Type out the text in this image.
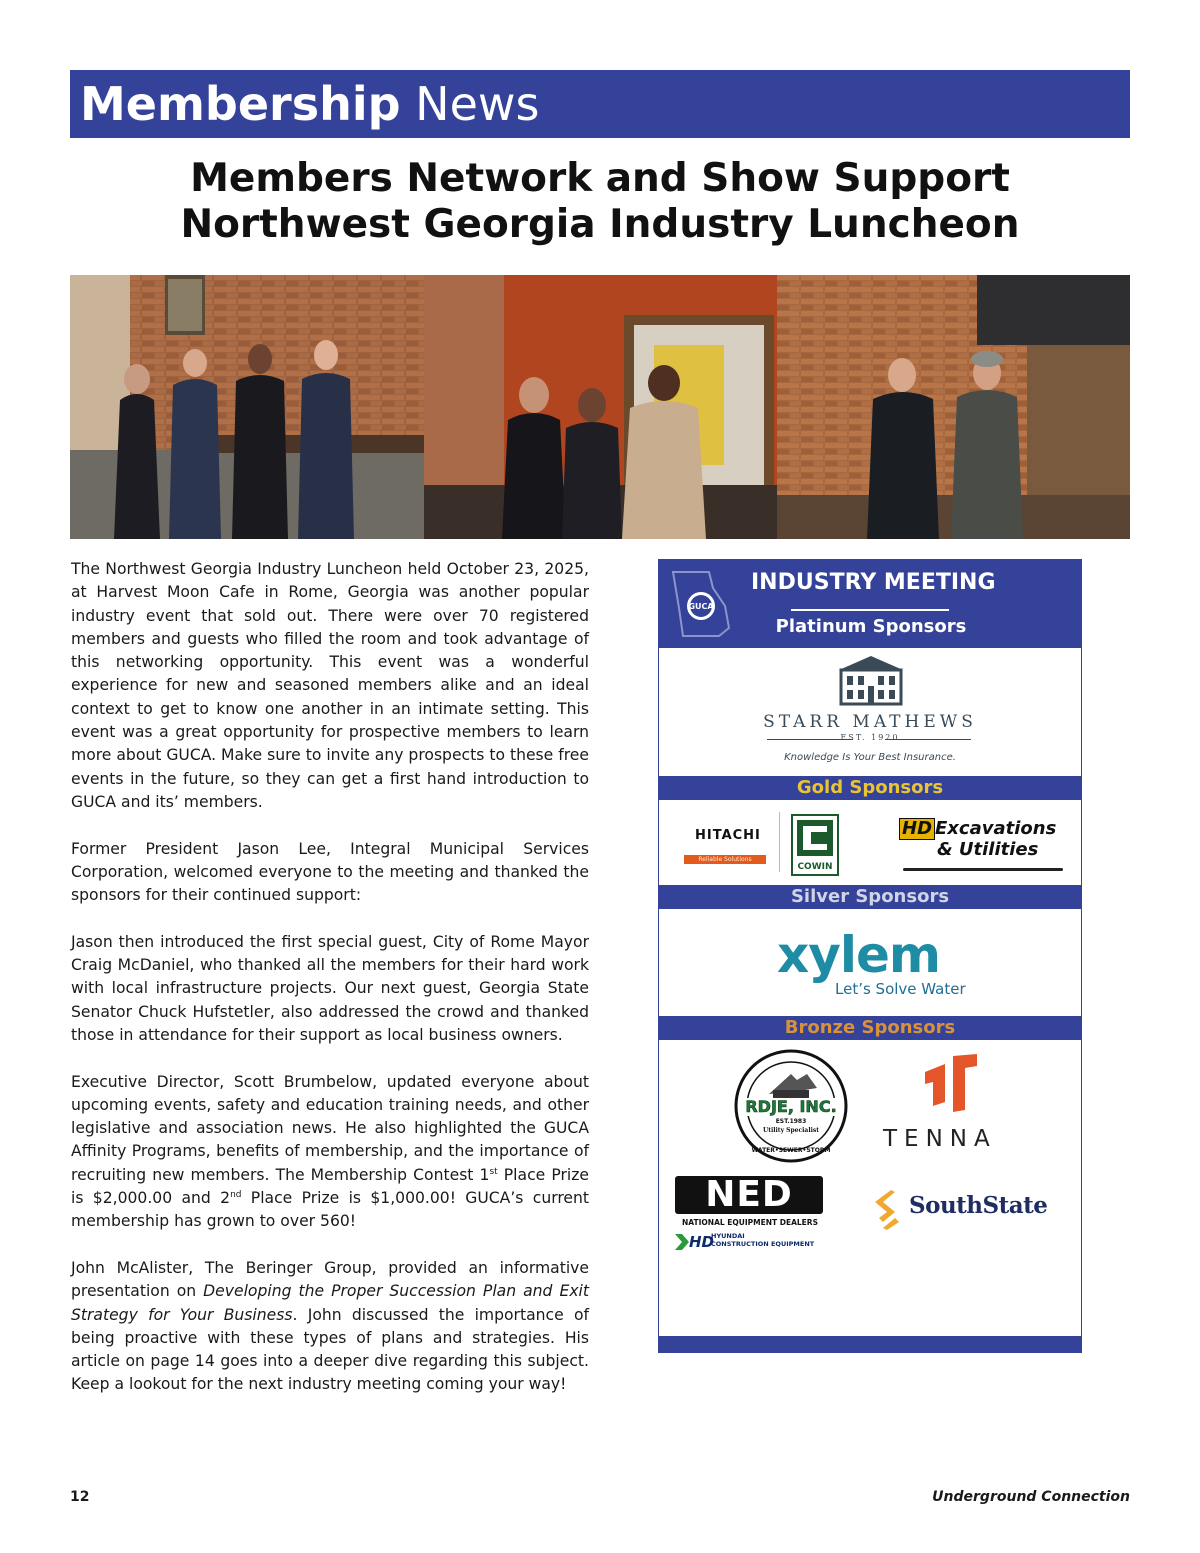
Membership News
Members Network and Show Support
Northwest Georgia Industry Luncheon

The Northwest Georgia Industry Luncheon held October 23, 2025, at Harvest Moon Cafe in Rome, Georgia was another popular industry event that sold out. There were over 70 registered members and guests who filled the room and took advantage of this networking opportunity. This event was a wonderful experience for new and seasoned members alike and an ideal context to get to know one another in an intimate setting. This event was a great opportunity for prospective members to learn more about GUCA. Make sure to invite any prospects to these free events in the future, so they can get a first hand introduction to GUCA and its’ members.

Former President Jason Lee, Integral Municipal Services Corporation, welcomed everyone to the meeting and thanked the sponsors for their continued support:

Jason then introduced the first special guest, City of Rome Mayor Craig McDaniel, who thanked all the members for their hard work with local infrastructure projects. Our next guest, Georgia State Senator Chuck Hufstetler, also addressed the crowd and thanked those in attendance for their support as local business owners.

Executive Director, Scott Brumbelow, updated everyone about upcoming events, safety and education training needs, and other legislative and association news. He also highlighted the GUCA Affinity Programs, benefits of membership, and the importance of recruiting new members. The Membership Contest 1st Place Prize is $2,000.00 and 2nd Place Prize is $1,000.00! GUCA’s current membership has grown to over 560!

John McAlister, The Beringer Group, provided an informative presentation on Developing the Proper Succession Plan and Exit Strategy for Your Business. John discussed the importance of being proactive with these types of plans and strategies. His article on page 14 goes into a deeper dive regarding this subject. Keep a lookout for the next industry meeting coming your way!

GUCA
INDUSTRY MEETING
Platinum Sponsors
STARR MATHEWS
EST. 1920
Knowledge Is Your Best Insurance.
Gold Sponsors
HITACHI
Reliable Solutions
COWIN
HD Excavations
& Utilities
Silver Sponsors
xylem
Let’s Solve Water
Bronze Sponsors
RDJE, INC.
EST.1983
Utility Specialist
WATER•SEWER•STORM TENNA
NED
NATIONAL EQUIPMENT DEALERS
HD
HYUNDAI
CONSTRUCTION EQUIPMENT
SouthState
12	Underground Connection
